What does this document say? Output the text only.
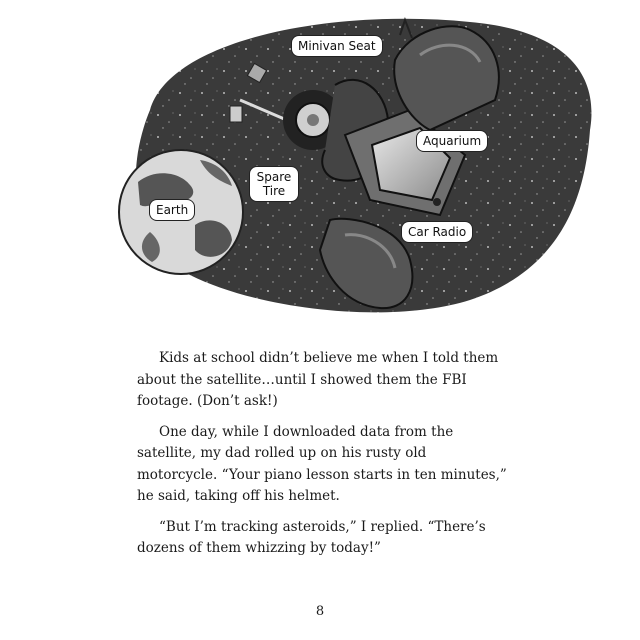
Minivan Seat
Aquarium
Spare Tire
Earth
Car Radio

Kids at school didn’t believe me when I told them about the satellite…until I showed them the FBI footage. (Don’t ask!)

One day, while I downloaded data from the satellite, my dad rolled up on his rusty old motorcycle. “Your piano lesson starts in ten minutes,” he said, taking off his helmet.

“But I’m tracking asteroids,” I replied. “There’s dozens of them whizzing by today!”

8
